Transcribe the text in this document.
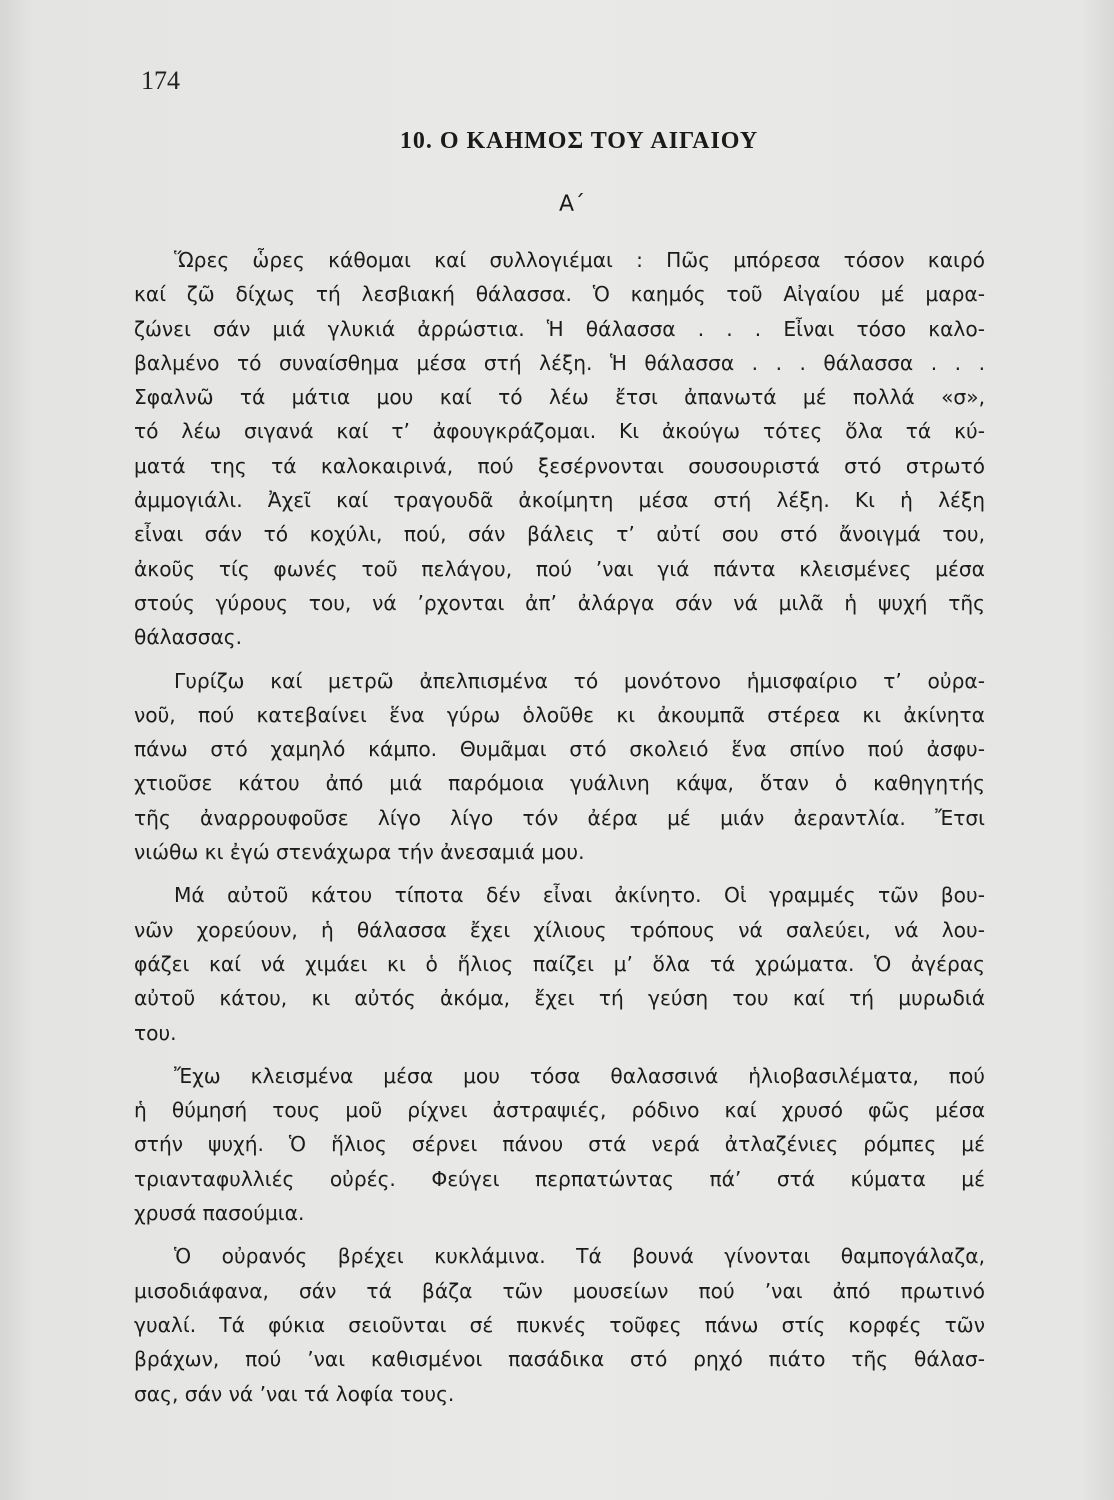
174

10. Ο ΚΑΗΜΟΣ ΤΟΥ ΑΙΓΑΙΟΥ

Α΄

Ὥρες ὧρες κάθομαι καί συλλογιέμαι : Πῶς μπόρεσα τόσον καιρό
καί ζῶ δίχως τή λεσβιακή θάλασσα. Ὁ καημός τοῦ Αἰγαίου μέ μαρα-
ζώνει σάν μιά γλυκιά ἀρρώστια. Ἡ θάλασσα . . . Εἶναι τόσο καλο-
βαλμένο τό συναίσθημα μέσα στή λέξη. Ἡ θάλασσα . . . θάλασσα . . .
Σφαλνῶ τά μάτια μου καί τό λέω ἔτσι ἀπανωτά μέ πολλά «σ»,
τό λέω σιγανά καί τ’ ἀφουγκράζομαι. Κι ἀκούγω τότες ὅλα τά κύ-
ματά της τά καλοκαιρινά, πού ξεσέρνονται σουσουριστά στό στρωτό
ἀμμογιάλι. Ἀχεῖ καί τραγουδᾶ ἀκοίμητη μέσα στή λέξη. Κι ἡ λέξη
εἶναι σάν τό κοχύλι, πού, σάν βάλεις τ’ αὐτί σου στό ἄνοιγμά του,
ἀκοῦς τίς φωνές τοῦ πελάγου, πού ’ναι γιά πάντα κλεισμένες μέσα
στούς γύρους του, νά ’ρχονται ἀπ’ ἀλάργα σάν νά μιλᾶ ἡ ψυχή τῆς
θάλασσας.
Γυρίζω καί μετρῶ ἀπελπισμένα τό μονότονο ἡμισφαίριο τ’ οὐρα-
νοῦ, πού κατεβαίνει ἕνα γύρω ὁλοῦθε κι ἀκουμπᾶ στέρεα κι ἀκίνητα
πάνω στό χαμηλό κάμπο. Θυμᾶμαι στό σκολειό ἕνα σπίνο πού ἀσφυ-
χτιοῦσε κάτου ἀπό μιά παρόμοια γυάλινη κάψα, ὅταν ὁ καθηγητής
τῆς ἀναρρουφοῦσε λίγο λίγο τόν ἀέρα μέ μιάν ἀεραντλία. Ἔτσι
νιώθω κι ἐγώ στενάχωρα τήν ἀνεσαμιά μου.
Μά αὐτοῦ κάτου τίποτα δέν εἶναι ἀκίνητο. Οἱ γραμμές τῶν βου-
νῶν χορεύουν, ἡ θάλασσα ἔχει χίλιους τρόπους νά σαλεύει, νά λου-
φάζει καί νά χιμάει κι ὁ ἥλιος παίζει μ’ ὅλα τά χρώματα. Ὁ ἀγέρας
αὐτοῦ κάτου, κι αὐτός ἀκόμα, ἔχει τή γεύση του καί τή μυρωδιά
του.
Ἔχω κλεισμένα μέσα μου τόσα θαλασσινά ἡλιοβασιλέματα, πού
ἡ θύμησή τους μοῦ ρίχνει ἀστραψιές, ρόδινο καί χρυσό φῶς μέσα
στήν ψυχή. Ὁ ἥλιος σέρνει πάνου στά νερά ἀτλαζένιες ρόμπες μέ
τριανταφυλλιές οὐρές. Φεύγει περπατώντας πά’ στά κύματα μέ
χρυσά πασούμια.
Ὁ οὐρανός βρέχει κυκλάμινα. Τά βουνά γίνονται θαμπογάλαζα,
μισοδιάφανα, σάν τά βάζα τῶν μουσείων πού ’ναι ἀπό πρωτινό
γυαλί. Τά φύκια σειοῦνται σέ πυκνές τοῦφες πάνω στίς κορφές τῶν
βράχων, πού ’ναι καθισμένοι πασάδικα στό ρηχό πιάτο τῆς θάλασ-
σας, σάν νά ’ναι τά λοφία τους.
